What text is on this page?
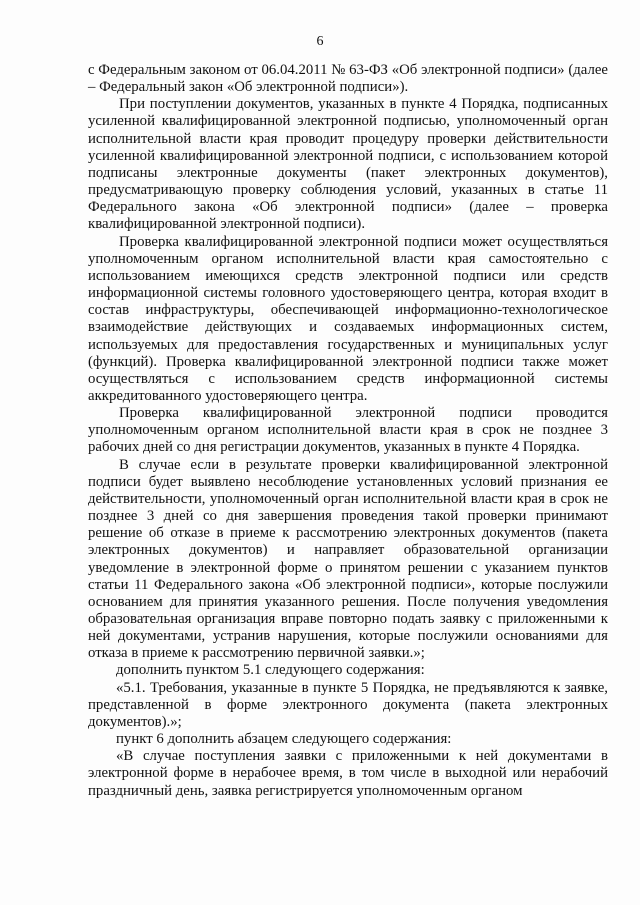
6

с Федеральным законом от 06.04.2011 № 63-ФЗ «Об электронной подписи» (далее – Федеральный закон «Об электронной подписи»).

При поступлении документов, указанных в пункте 4 Порядка, подписанных усиленной квалифицированной электронной подписью, уполномоченный орган исполнительной власти края проводит процедуру проверки действительности усиленной квалифицированной электронной подписи, с использованием которой подписаны электронные документы (пакет электронных документов), предусматривающую проверку соблюдения условий, указанных в статье 11 Федерального закона «Об электронной подписи» (далее – проверка квалифицированной электронной подписи).

Проверка квалифицированной электронной подписи может осуществляться уполномоченным органом исполнительной власти края самостоятельно с использованием имеющихся средств электронной подписи или средств информационной системы головного удостоверяющего центра, которая входит в состав инфраструктуры, обеспечивающей информационно-технологическое взаимодействие действующих и создаваемых информационных систем, используемых для предоставления государственных и муниципальных услуг (функций). Проверка квалифицированной электронной подписи также может осуществляться с использованием средств информационной системы аккредитованного удостоверяющего центра.

Проверка квалифицированной электронной подписи проводится уполномоченным органом исполнительной власти края в срок не позднее 3 рабочих дней со дня регистрации документов, указанных в пункте 4 Порядка.

В случае если в результате проверки квалифицированной электронной подписи будет выявлено несоблюдение установленных условий признания ее действительности, уполномоченный орган исполнительной власти края в срок не позднее 3 дней со дня завершения проведения такой проверки принимают решение об отказе в приеме к рассмотрению электронных документов (пакета электронных документов) и направляет образовательной организации уведомление в электронной форме о принятом решении с указанием пунктов статьи 11 Федерального закона «Об электронной подписи», которые послужили основанием для принятия указанного решения. После получения уведомления образовательная организация вправе повторно подать заявку с приложенными к ней документами, устранив нарушения, которые послужили основаниями для отказа в приеме к рассмотрению первичной заявки.»;

дополнить пунктом 5.1 следующего содержания:

«5.1. Требования, указанные в пункте 5 Порядка, не предъявляются к заявке, представленной в форме электронного документа (пакета электронных документов).»;

пункт 6 дополнить абзацем следующего содержания:

«В случае поступления заявки с приложенными к ней документами в электронной форме в нерабочее время, в том числе в выходной или нерабочий праздничный день, заявка регистрируется уполномоченным органом
